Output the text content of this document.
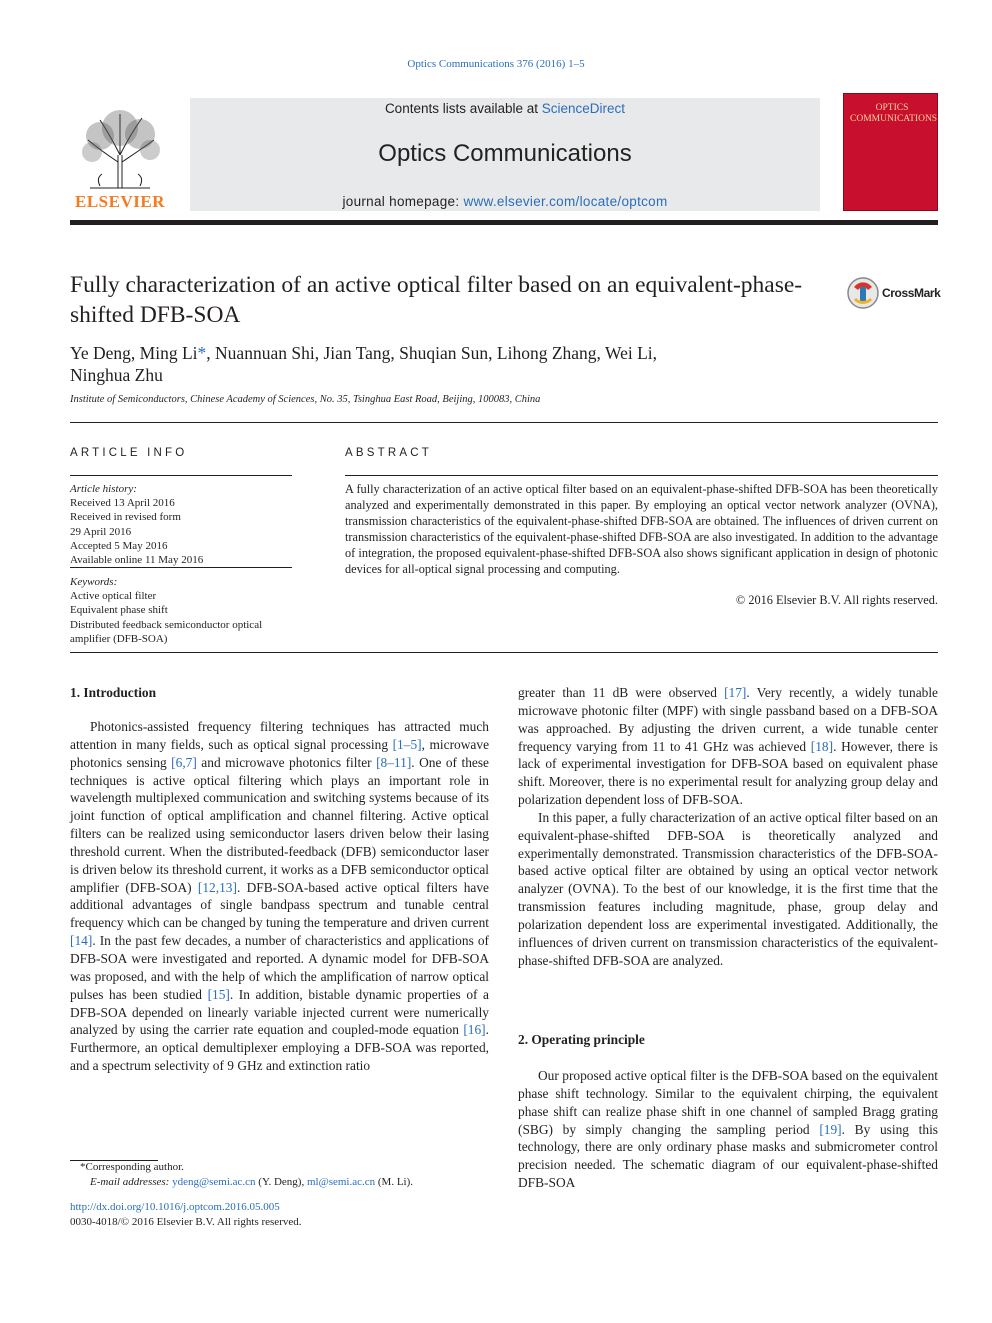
Optics Communications 376 (2016) 1–5
ELSEVIER
Contents lists available at ScienceDirect
Optics Communications
journal homepage: www.elsevier.com/locate/optcom
OPTICS COMMUNICATIONS
Fully characterization of an active optical filter based on an equivalent-phase-shifted DFB-SOA
CrossMark
Ye Deng, Ming Li*, Nuannuan Shi, Jian Tang, Shuqian Sun, Lihong Zhang, Wei Li,
Ninghua Zhu
Institute of Semiconductors, Chinese Academy of Sciences, No. 35, Tsinghua East Road, Beijing, 100083, China
ARTICLE INFO	ABSTRACT
Article history:
Received 13 April 2016
Received in revised form
29 April 2016
Accepted 5 May 2016
Available online 11 May 2016
Keywords:
Active optical filter
Equivalent phase shift
Distributed feedback semiconductor optical
amplifier (DFB-SOA)
A fully characterization of an active optical filter based on an equivalent-phase-shifted DFB-SOA has been theoretically analyzed and experimentally demonstrated in this paper. By employing an optical vector network analyzer (OVNA), transmission characteristics of the equivalent-phase-shifted DFB-SOA are obtained. The influences of driven current on transmission characteristics of the equivalent-phase-shifted DFB-SOA are also investigated. In addition to the advantage of integration, the proposed equivalent-phase-shifted DFB-SOA also shows significant application in design of photonic devices for all-optical signal processing and computing.
© 2016 Elsevier B.V. All rights reserved.
1. Introduction

Photonics-assisted frequency filtering techniques has attracted much attention in many fields, such as optical signal processing [1–5], microwave photonics sensing [6,7] and microwave photonics filter [8–11]. One of these techniques is active optical filtering which plays an important role in wavelength multiplexed communication and switching systems because of its joint function of optical amplification and channel filtering. Active optical filters can be realized using semiconductor lasers driven below their lasing threshold current. When the distributed-feedback (DFB) semiconductor laser is driven below its threshold current, it works as a DFB semiconductor optical amplifier (DFB-SOA) [12,13]. DFB-SOA-based active optical filters have additional advantages of single bandpass spectrum and tunable central frequency which can be changed by tuning the temperature and driven current [14]. In the past few decades, a number of characteristics and applications of DFB-SOA were investigated and reported. A dynamic model for DFB-SOA was proposed, and with the help of which the amplification of narrow optical pulses has been studied [15]. In addition, bistable dynamic properties of a DFB-SOA depended on linearly variable injected current were numerically analyzed by using the carrier rate equation and coupled-mode equation [16]. Furthermore, an optical demultiplexer employing a DFB-SOA was reported, and a spectrum selectivity of 9 GHz and extinction ratio

greater than 11 dB were observed [17]. Very recently, a widely tunable microwave photonic filter (MPF) with single passband based on a DFB-SOA was approached. By adjusting the driven current, a wide tunable center frequency varying from 11 to 41 GHz was achieved [18]. However, there is lack of experimental investigation for DFB-SOA based on equivalent phase shift. Moreover, there is no experimental result for analyzing group delay and polarization dependent loss of DFB-SOA.

In this paper, a fully characterization of an active optical filter based on an equivalent-phase-shifted DFB-SOA is theoretically analyzed and experimentally demonstrated. Transmission characteristics of the DFB-SOA-based active optical filter are obtained by using an optical vector network analyzer (OVNA). To the best of our knowledge, it is the first time that the transmission features including magnitude, phase, group delay and polarization dependent loss are experimental investigated. Additionally, the influences of driven current on transmission characteristics of the equivalent-phase-shifted DFB-SOA are analyzed.

2. Operating principle

Our proposed active optical filter is the DFB-SOA based on the equivalent phase shift technology. Similar to the equivalent chirping, the equivalent phase shift can realize phase shift in one channel of sampled Bragg grating (SBG) by simply changing the sampling period [19]. By using this technology, there are only ordinary phase masks and submicrometer control precision needed. The schematic diagram of our equivalent-phase-shifted DFB-SOA

*Corresponding author.
E-mail addresses: ydeng@semi.ac.cn (Y. Deng), ml@semi.ac.cn (M. Li).
http://dx.doi.org/10.1016/j.optcom.2016.05.005
0030-4018/© 2016 Elsevier B.V. All rights reserved.
